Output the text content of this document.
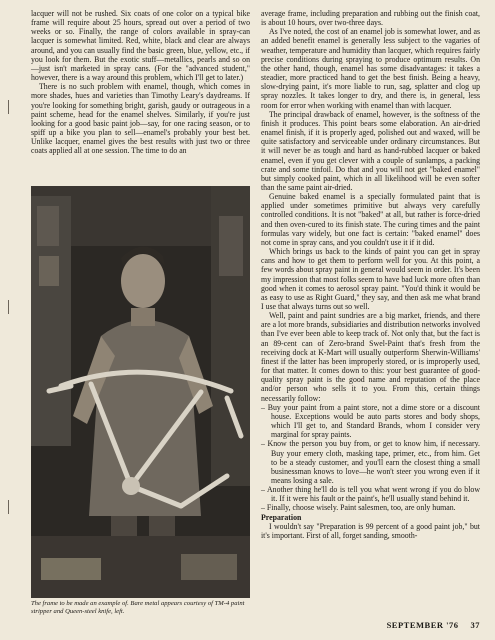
lacquer will not be rushed. Six coats of one color on a typical bike frame will require about 25 hours, spread out over a period of two weeks or so. Finally, the range of colors available in spray-can lacquer is somewhat limited. Red, white, black and clear are always around, and you can usually find the basic green, blue, yellow, etc., if you look for them. But the exotic stuff—metallics, pearls and so on—just isn't marketed in spray cans. (For the "advanced student," however, there is a way around this problem, which I'll get to later.)

There is no such problem with enamel, though, which comes in more shades, hues and varieties than Timothy Leary's daydreams. If you're looking for something bright, garish, gaudy or outrageous in a paint scheme, head for the enamel shelves. Similarly, if you're just looking for a good basic paint job—say, for one racing season, or to spiff up a bike you plan to sell—enamel's probably your best bet. Unlike lacquer, enamel gives the best results with just two or three coats applied all at one session. The time to do an

The frame to be made an example of. Bare metal appears courtesy of TM-4 paint stripper and Queen-steel knife, left.

average frame, including preparation and rubbing out the finish coat, is about 10 hours, over two-three days.

As I've noted, the cost of an enamel job is somewhat lower, and as an added benefit enamel is generally less subject to the vagaries of weather, temperature and humidity than lacquer, which requires fairly precise conditions during spraying to produce optimum results. On the other hand, though, enamel has some disadvantages: it takes a steadier, more practiced hand to get the best finish. Being a heavy, slow-drying paint, it's more liable to run, sag, splatter and clog up spray nozzles. It takes longer to dry, and there is, in general, less room for error when working with enamel than with lacquer.

The principal drawback of enamel, however, is the softness of the finish it produces. This point bears some elaboration. An air-dried enamel finish, if it is properly aged, polished out and waxed, will be quite satisfactory and serviceable under ordinary circumstances. But it will never be as tough and hard as hand-rubbed lacquer or baked enamel, even if you get clever with a couple of sunlamps, a packing crate and some tinfoil. Do that and you will not get "baked enamel" but simply cooked paint, which in all likelihood will be even softer than the same paint air-dried.

Genuine baked enamel is a specially formulated paint that is applied under sometimes primitive but always very carefully controlled conditions. It is not "baked" at all, but rather is force-dried and then oven-cured to its finish state. The curing times and the paint formulas vary widely, but one fact is certain: "baked enamel" does not come in spray cans, and you couldn't use it if it did.

Which brings us back to the kinds of paint you can get in spray cans and how to get them to perform well for you. At this point, a few words about spray paint in general would seem in order. It's been my impression that most folks seem to have bad luck more often than good when it comes to aerosol spray paint. "You'd think it would be as easy to use as Right Guard," they say, and then ask me what brand I use that always turns out so well.

Well, paint and paint sundries are a big market, friends, and there are a lot more brands, subsidiaries and distribution networks involved than I've ever been able to keep track of. Not only that, but the fact is an 89-cent can of Zero-brand Swel-Paint that's fresh from the receiving dock at K-Mart will usually outperform Sherwin-Williams' finest if the latter has been improperly stored, or is improperly used, for that matter. It comes down to this: your best guarantee of good-quality spray paint is the good name and reputation of the place and/or person who sells it to you. From this, certain things necessarily follow:

– Buy your paint from a paint store, not a dime store or a discount house. Exceptions would be auto parts stores and body shops, which I'll get to, and Standard Brands, whom I consider very marginal for spray paints.
– Know the person you buy from, or get to know him, if necessary. Buy your emery cloth, masking tape, primer, etc., from him. Get to be a steady customer, and you'll earn the closest thing a small businessman knows to love—he won't steer you wrong even if it means losing a sale.
– Another thing he'll do is tell you what went wrong if you do blow it. If it were his fault or the paint's, he'll usually stand behind it.
– Finally, choose wisely. Paint salesmen, too, are only human.

Preparation

I wouldn't say "Preparation is 99 percent of a good paint job," but it's important. First of all, forget sanding, smooth-

SEPTEMBER '76 37
